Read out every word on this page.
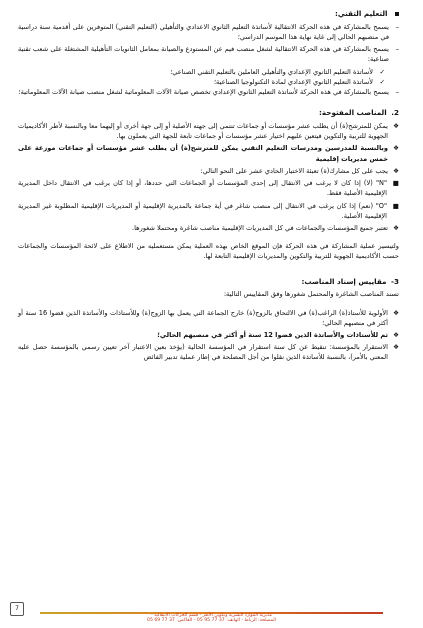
التعليم التقني:
– يسمح بالمشاركة في هذه الحركة الانتقالية لأساتذة التعليم الثانوي الاعدادي والتأهيلي (التعليم التقني) المتوفرين على أقدمية سنة دراسية في منصبهم الحالي إلى غاية نهاية هذا الموسم الدراسي؛
– يسمح بالمشاركة في هذه الحركة الانتقالية لشغل منصب فيم عن المستودع والصيانة بمعامل الثانويات التأهيلية المشتغلة على شعب تقنية صناعية:
✓
لأساتذة التعليم الثانوي الإعدادي والتأهيلي العاملين بالتعليم التقني الصناعي؛
✓
لأساتذة التعليم الثانوي الإعدادي لمادة التكنولوجيا الصناعية؛
– يسمح بالمشاركة في هذه الحركة لأساتذة التعليم الثانوي الإعدادي تخصص صيانة الآلات المعلوماتية لشغل منصب صيانة الآلات المعلوماتية؛
2. المناصب المفتوحة:
❖
يمكن للمترشح(ة) أن يطلب عشر مؤسسات أو جماعات تنتمي إلى جهته الأصلية أو إلى جهة أخرى أو إليهما معا وبالنسبة لأطر الأكاديميات الجهوية للتربية والتكوين فيتعين عليهم اختيار عشر مؤسسات أو جماعات تابعة للجهة التي يعملون بها.
❖
وبالنسبة للمدرسين ومدرسات التعليم التقني يمكن للمترشح(ة) أن يطلب عشر مؤسسات أو جماعات موزعة على خمس مديريات إقليمية
❖
يجب على كل مشارك(ة) تعبئة الاختيار الحادي عشر على النحو التالي:
■
"N" (لا) إذا كان لا يرغب في الانتقال إلى إحدى المؤسسات أو الجماعات التي حددها، أو إذا كان يرغب في الانتقال داخل المديرية الإقليمية الأصلية فقط.
■
"O" (نعم) إذا كان يرغب في الانتقال إلى منصب شاغر في أية جماعة بالمديرية الإقليمية أو المديريات الإقليمية المطلوبة غير المديرية الإقليمية الأصلية.
❖
تعتبر جميع المؤسسات والجماعات في كل المديريات الإقليمية مناصب شاغرة ومحتملا شغورها.
ولتيسير عملية المشاركة في هذه الحركة فإن الموقع الخاص بهذه العملية يمكن مستعمليه من الاطلاع على لائحة المؤسسات والجماعات حسب الأكاديمية الجهوية للتربية والتكوين والمديريات الإقليمية التابعة لها.
3- مقاييس إسناد المناصب:
تسند المناصب الشاغرة والمحتمل شغورها وفق المقاييس التالية:
❖
الأولوية للأستاذ(ة) الراغب(ة) في الالتحاق بالزوج(ة) خارج الجماعة التي يعمل بها الزوج(ة) وللأستاذات والأساتذة الذين قضوا 16 سنة أو أكثر في منصبهم الحالي؛
❖
ثم للأستاذات والأساتذة الذين قضوا 12 سنة أو أكثر في منصبهم الحالي؛
❖
الاستقرار بالمؤسسة: تنقيط عن كل سنة استقرار في المؤسسة الحالية (يؤخذ بعين الاعتبار آخر تعيين رسمي بالمؤسسة حصل عليه المعني بالأمر)، بالنسبة للأساتذة الذين نقلوا من أجل المصلحة في إطار عملية تدبير الفائض
مديرية الموارد البشرية وتكوين الأطر - قسم الحركات الانتقالية -
المصلحة: الرباط - الهاتف: 37 77 95 05 - الفاكس: 37 77 69 05
7
